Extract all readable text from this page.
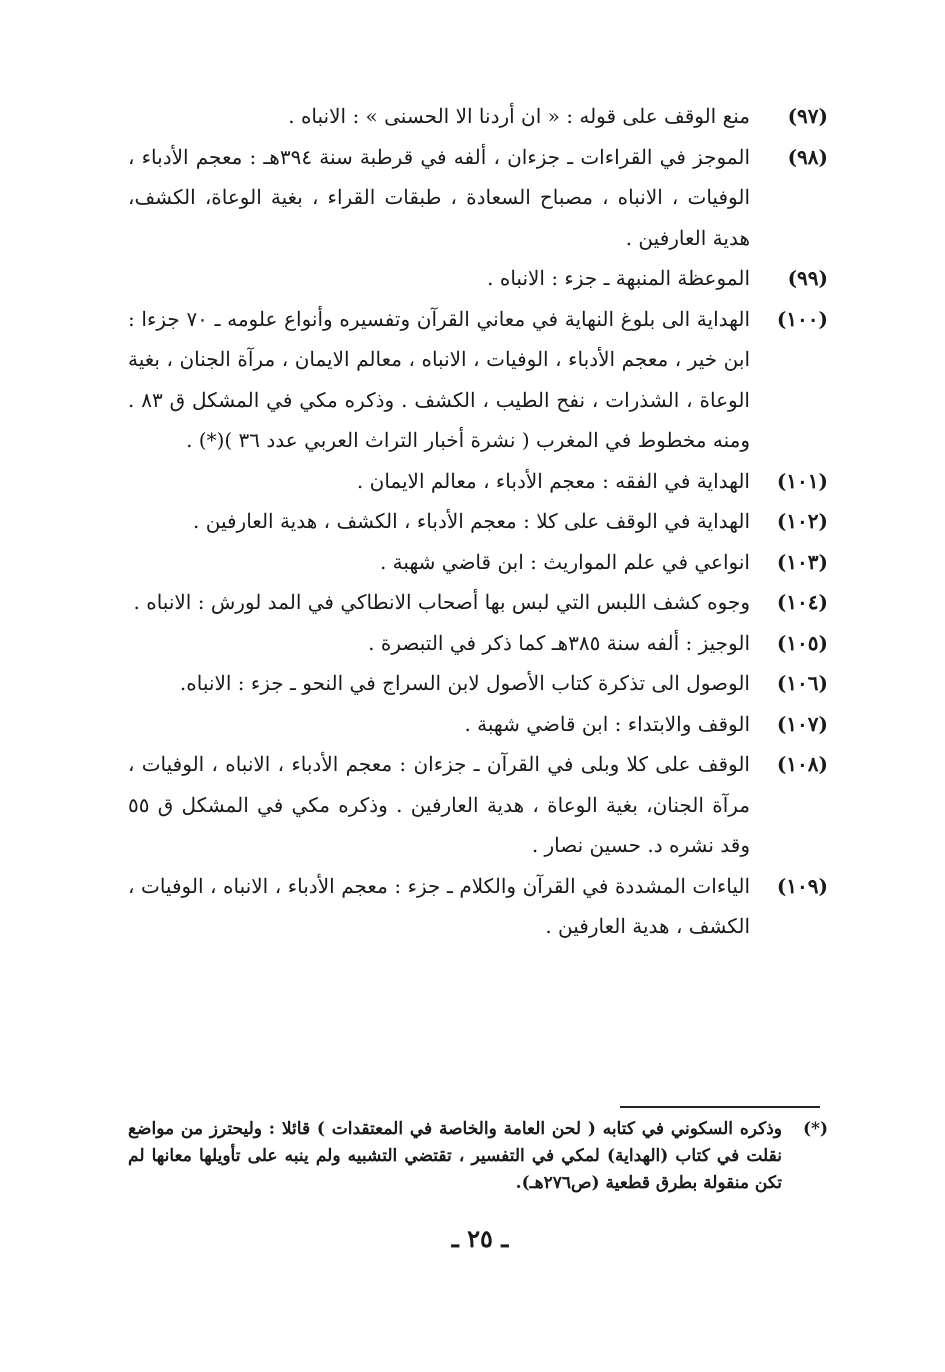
(٩٧)
منع الوقف على قوله : « ان أردنا الا الحسنى » : الانباه .

(٩٨)
الموجز في القراءات ـ جزءان ، ألفه في قرطبة سنة ٣٩٤هـ : معجم الأدباء ، الوفيات ، الانباه ، مصباح السعادة ، طبقات القراء ، بغية الوعاة، الكشف، هدية العارفين .

(٩٩)
الموعظة المنبهة ـ جزء : الانباه .

(١٠٠)
الهداية الى بلوغ النهاية في معاني القرآن وتفسيره وأنواع علومه ـ ٧٠ جزءا : ابن خير ، معجم الأدباء ، الوفيات ، الانباه ، معالم الايمان ، مرآة الجنان ، بغية الوعاة ، الشذرات ، نفح الطيب ، الكشف . وذكره مكي في المشكل ق ٨٣ . ومنه مخطوط في المغرب ( نشرة أخبار التراث العربي عدد ٣٦ )(*) .

(١٠١)
الهداية في الفقه : معجم الأدباء ، معالم الايمان .

(١٠٢)
الهداية في الوقف على كلا : معجم الأدباء ، الكشف ، هدية العارفين .

(١٠٣)
انواعي في علم المواريث : ابن قاضي شهبة .

(١٠٤)
وجوه كشف اللبس التي لبس بها أصحاب الانطاكي في المد لورش : الانباه .

(١٠٥)
الوجيز : ألفه سنة ٣٨٥هـ كما ذكر في التبصرة .

(١٠٦)
الوصول الى تذكرة كتاب الأصول لابن السراج في النحو ـ جزء : الانباه.

(١٠٧)
الوقف والابتداء : ابن قاضي شهبة .

(١٠٨)
الوقف على كلا وبلى في القرآن ـ جزءان : معجم الأدباء ، الانباه ، الوفيات ، مرآة الجنان، بغية الوعاة ، هدية العارفين . وذكره مكي في المشكل ق ٥٥ وقد نشره د. حسين نصار .

(١٠٩)
الياءات المشددة في القرآن والكلام ـ جزء : معجم الأدباء ، الانباه ، الوفيات ، الكشف ، هدية العارفين .

(*)
وذكره السكوني في كتابه ( لحن العامة والخاصة في المعتقدات ) قائلا : وليحترز من مواضع نقلت في كتاب (الهداية) لمكي في التفسير ، تقتضي التشبيه ولم ينبه على تأويلها معانها لم تكن منقولة بطرق قطعية (ص٢٧٦هـ).
ـ ٢٥ ـ
